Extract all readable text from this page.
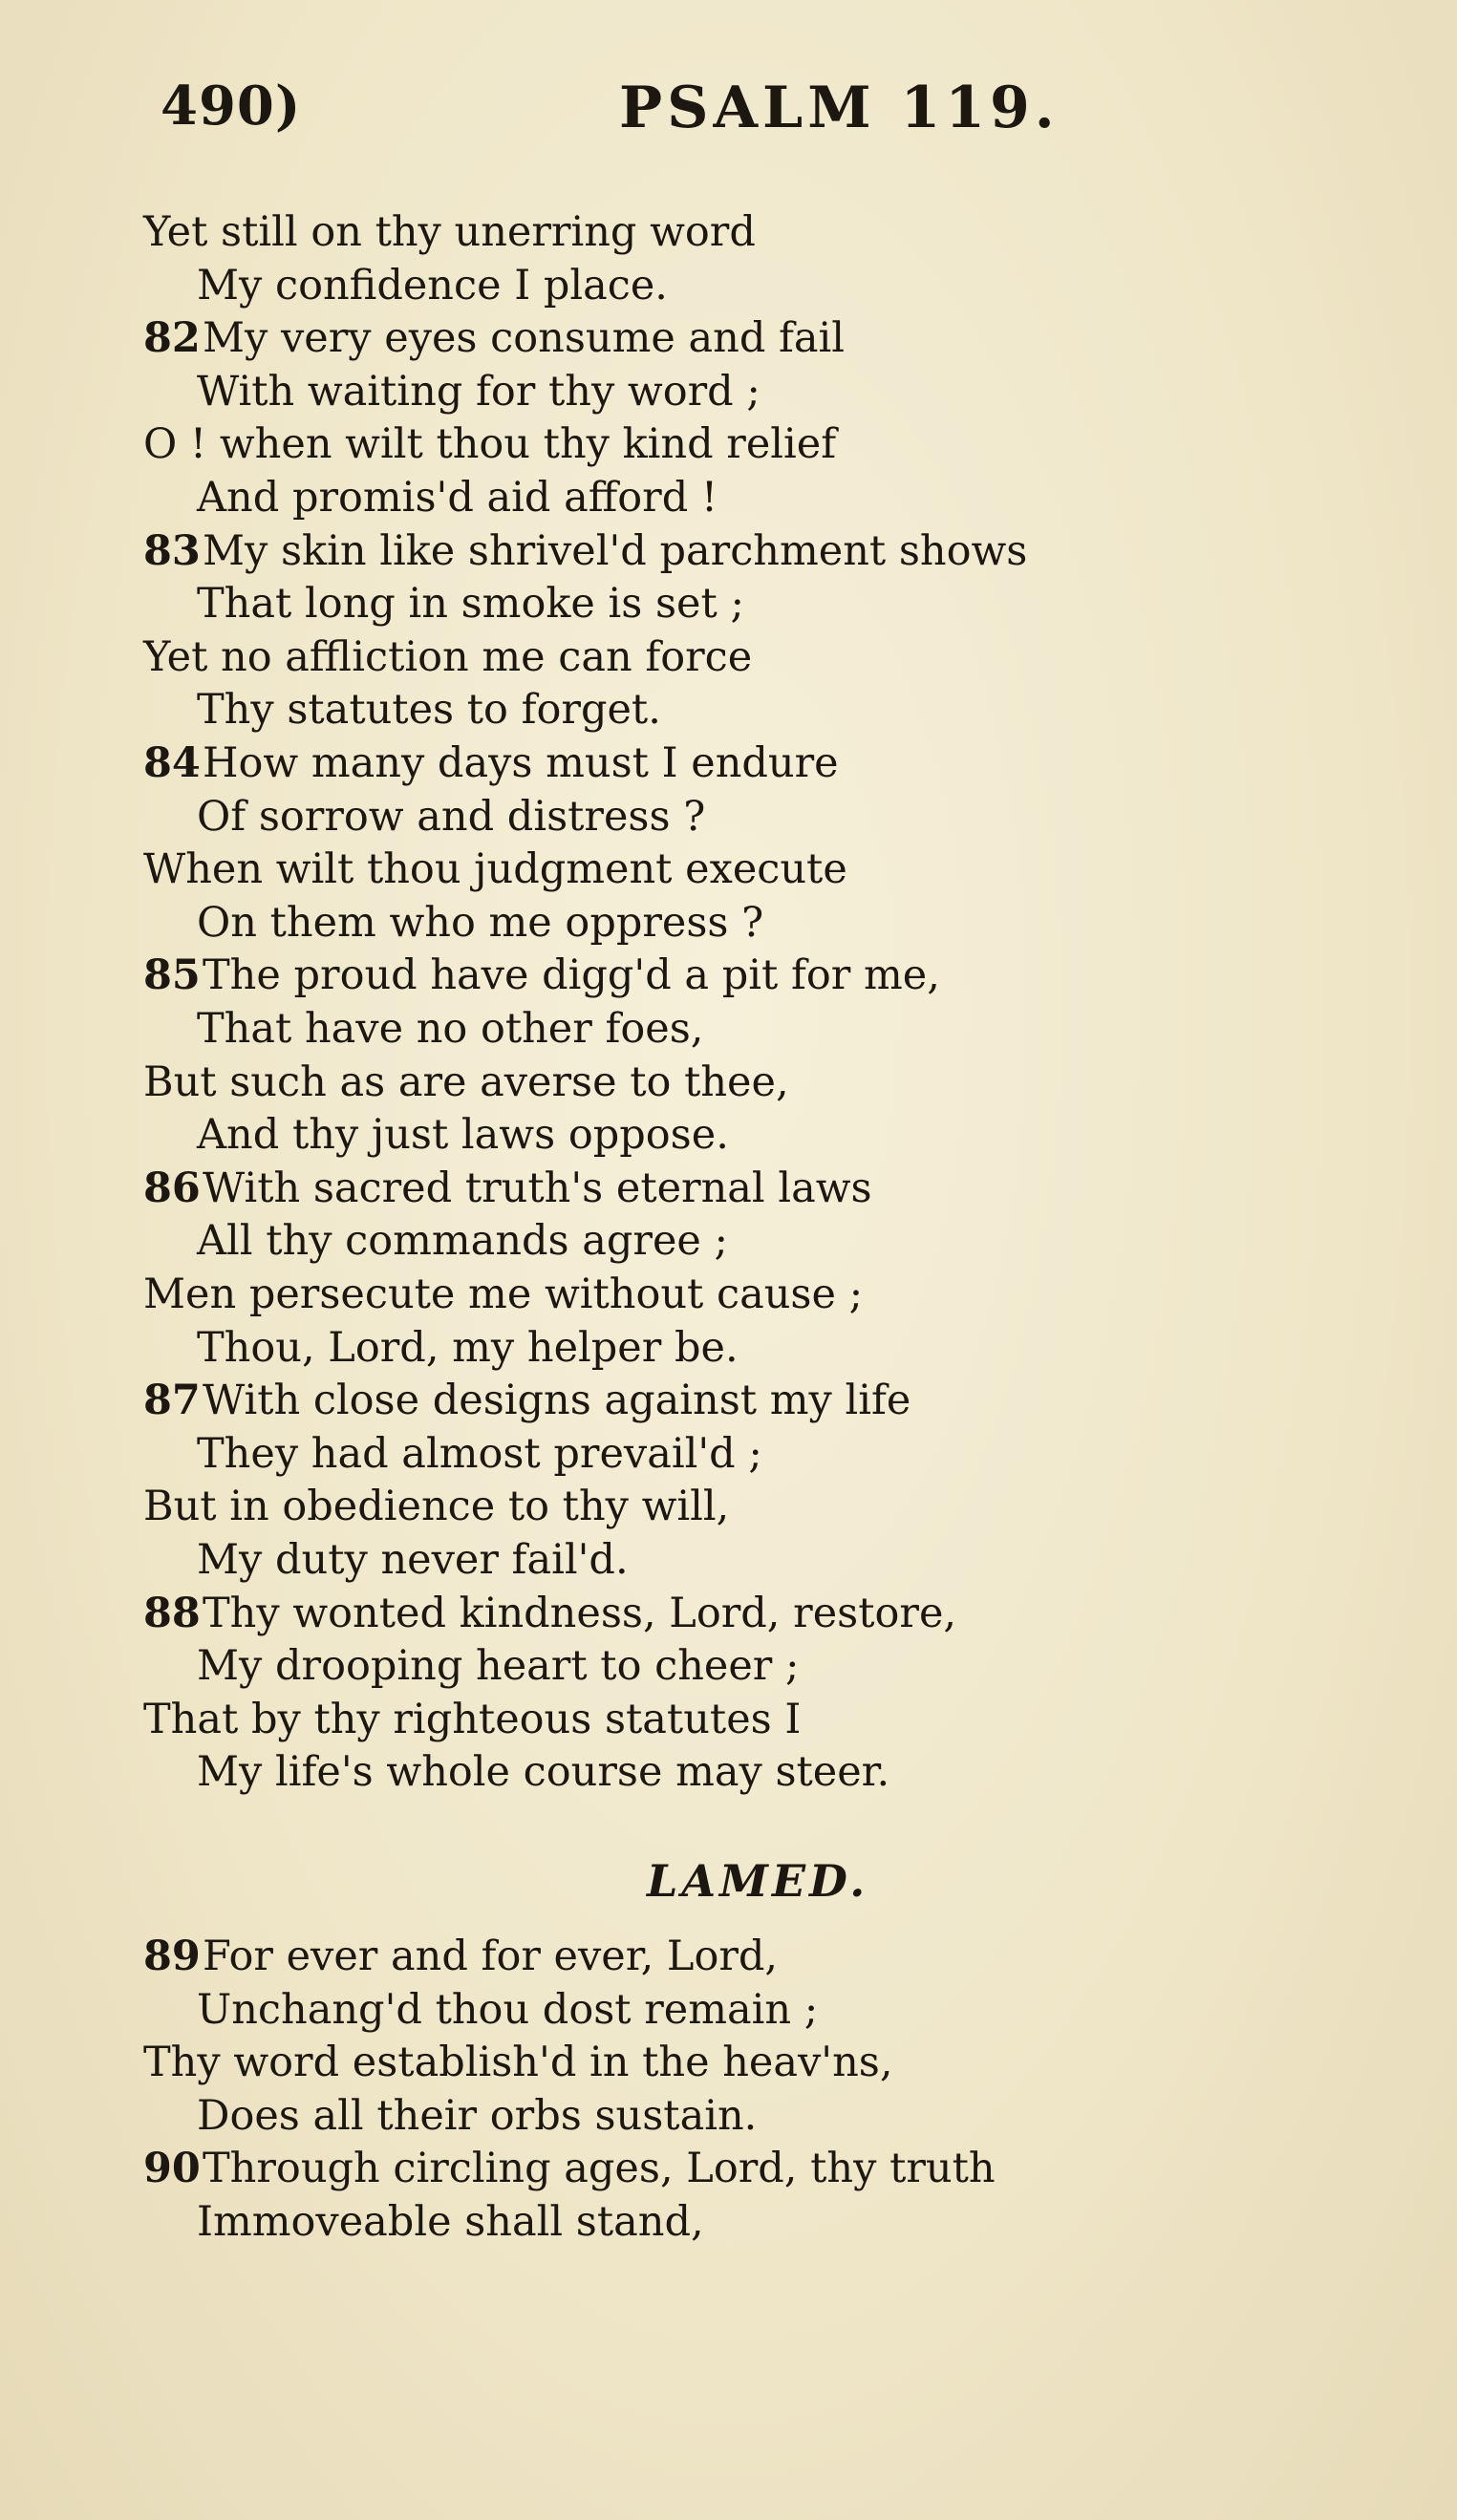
490)	PSALM 119.
Yet still on thy unerring word
My confidence I place.
82My very eyes consume and fail
With waiting for thy word ;
O ! when wilt thou thy kind relief
And promis'd aid afford !
83My skin like shrivel'd parchment shows
That long in smoke is set ;
Yet no affliction me can force
Thy statutes to forget.
84How many days must I endure
Of sorrow and distress ?
When wilt thou judgment execute
On them who me oppress ?
85The proud have digg'd a pit for me,
That have no other foes,
But such as are averse to thee,
And thy just laws oppose.
86With sacred truth's eternal laws
All thy commands agree ;
Men persecute me without cause ;
Thou, Lord, my helper be.
87With close designs against my life
They had almost prevail'd ;
But in obedience to thy will,
My duty never fail'd.
88Thy wonted kindness, Lord, restore,
My drooping heart to cheer ;
That by thy righteous statutes I
My life's whole course may steer.
LAMED.
89For ever and for ever, Lord,
Unchang'd thou dost remain ;
Thy word establish'd in the heav'ns,
Does all their orbs sustain.
90Through circling ages, Lord, thy truth
Immoveable shall stand,
